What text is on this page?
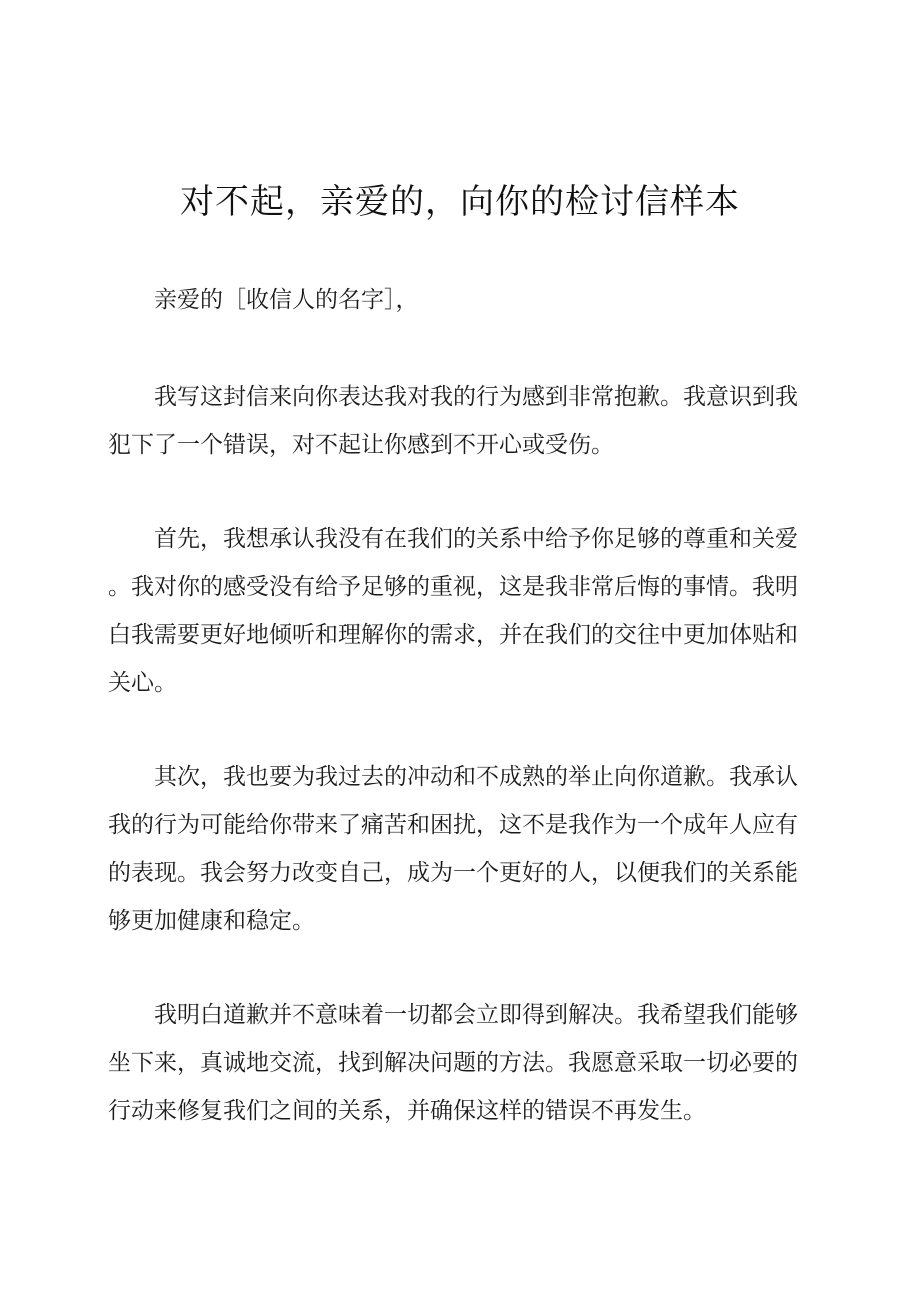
对不起，亲爱的，向你的检讨信样本

亲爱的［收信人的名字］，

我写这封信来向你表达我对我的行为感到非常抱歉。我意识到我犯下了一个错误，对不起让你感到不开心或受伤。

首先，我想承认我没有在我们的关系中给予你足够的尊重和关爱。我对你的感受没有给予足够的重视，这是我非常后悔的事情。我明白我需要更好地倾听和理解你的需求，并在我们的交往中更加体贴和关心。

其次，我也要为我过去的冲动和不成熟的举止向你道歉。我承认我的行为可能给你带来了痛苦和困扰，这不是我作为一个成年人应有的表现。我会努力改变自己，成为一个更好的人，以便我们的关系能够更加健康和稳定。

我明白道歉并不意味着一切都会立即得到解决。我希望我们能够坐下来，真诚地交流，找到解决问题的方法。我愿意采取一切必要的行动来修复我们之间的关系，并确保这样的错误不再发生。
